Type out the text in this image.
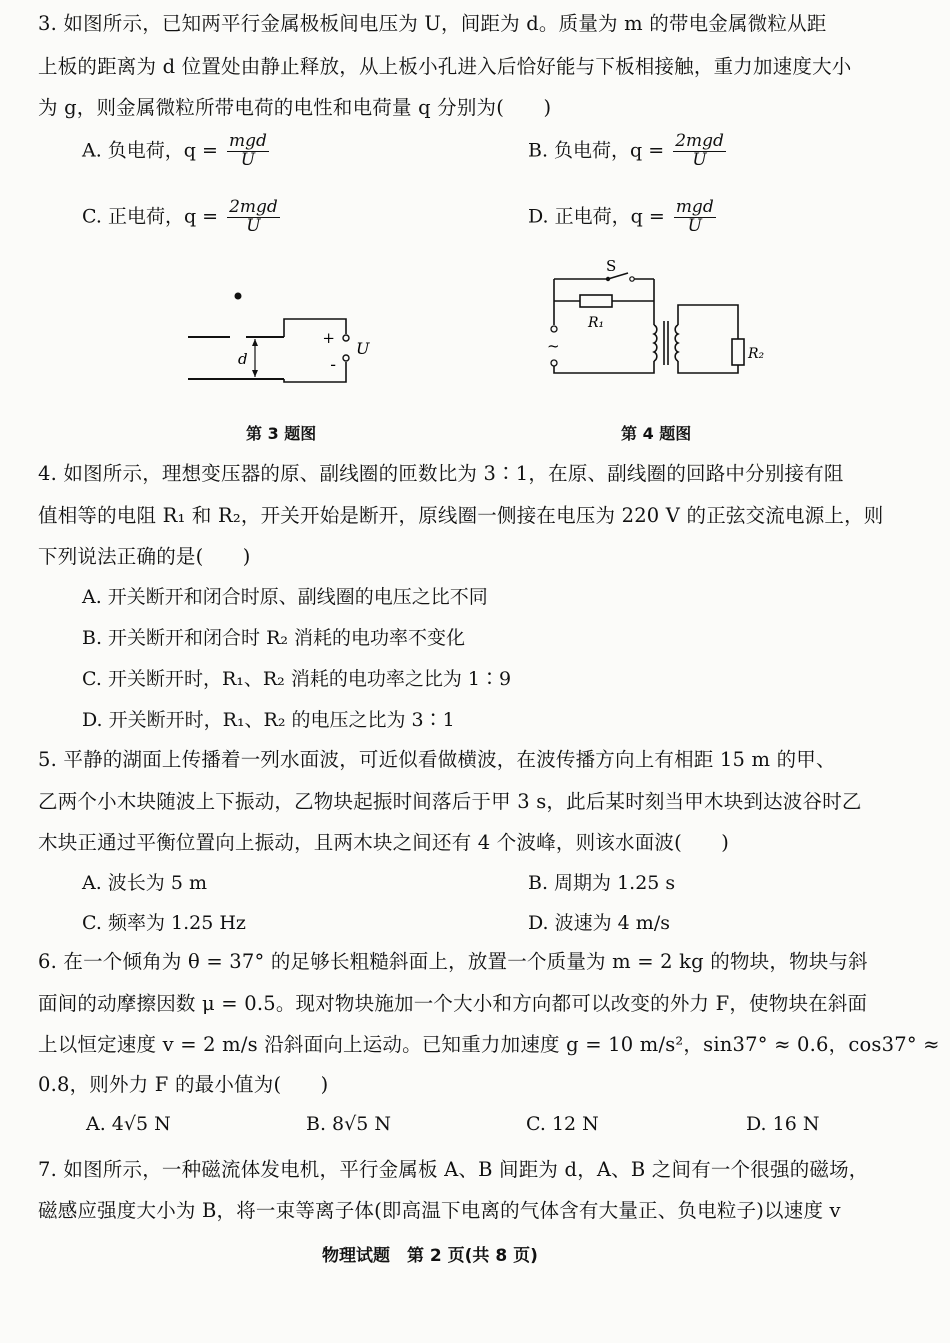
3. 如图所示，已知两平行金属极板间电压为 U，间距为 d。质量为 m 的带电金属微粒从距
上板的距离为 d 位置处由静止释放，从上板小孔进入后恰好能与下板相接触，重力加速度大小
为 g，则金属微粒所带电荷的电性和电荷量 q 分别为(　　)
A. 负电荷，$q = \frac{\text{mgd}}{U}$	B. 负电荷，$q = \frac{\text{2mgd}}{U}$
C. 正电荷，$q = \frac{\text{2mgd}}{U}$	D. 正电荷，$q = \frac{\text{mgd}}{U}$
d
+
-
U
S
R₁
~	R₂
第 3 题图	第 4 题图
4. 如图所示，理想变压器的原、副线圈的匝数比为 3∶1，在原、副线圈的回路中分别接有阻
值相等的电阻 R₁ 和 R₂，开关开始是断开，原线圈一侧接在电压为 220 V 的正弦交流电源上，则
下列说法正确的是(　　)
A. 开关断开和闭合时原、副线圈的电压之比不同
B. 开关断开和闭合时 R₂ 消耗的电功率不变化
C. 开关断开时，R₁、R₂ 消耗的电功率之比为 1∶9
D. 开关断开时，R₁、R₂ 的电压之比为 3∶1
5. 平静的湖面上传播着一列水面波，可近似看做横波，在波传播方向上有相距 15 m 的甲、
乙两个小木块随波上下振动，乙物块起振时间落后于甲 3 s，此后某时刻当甲木块到达波谷时乙
木块正通过平衡位置向上振动，且两木块之间还有 4 个波峰，则该水面波(　　)
A. 波长为 5 m	B. 周期为 1.25 s
C. 频率为 1.25 Hz	D. 波速为 4 m/s
6. 在一个倾角为 θ = 37° 的足够长粗糙斜面上，放置一个质量为 m = 2 kg 的物块，物块与斜
面间的动摩擦因数 μ = 0.5。现对物块施加一个大小和方向都可以改变的外力 F，使物块在斜面
上以恒定速度 v = 2 m/s 沿斜面向上运动。已知重力加速度 g = 10 m/s²，sin37° ≈ 0.6，cos37° ≈
0.8，则外力 F 的最小值为(　　)
A. 4√5 N	B. 8√5 N	C. 12 N	D. 16 N
7. 如图所示，一种磁流体发电机，平行金属板 A、B 间距为 d，A、B 之间有一个很强的磁场，
磁感应强度大小为 B，将一束等离子体(即高温下电离的气体含有大量正、负电粒子)以速度 v
物理试题　第 2 页(共 8 页)
